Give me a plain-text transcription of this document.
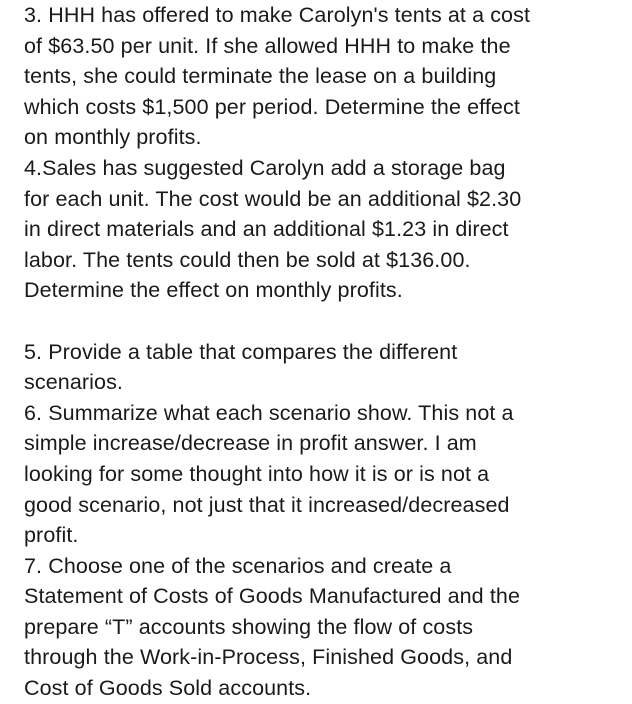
3. HHH has offered to make Carolyn's tents at a cost
of $63.50 per unit. If she allowed HHH to make the
tents, she could terminate the lease on a building
which costs $1,500 per period. Determine the effect
on monthly profits.
4.Sales has suggested Carolyn add a storage bag
for each unit. The cost would be an additional $2.30
in direct materials and an additional $1.23 in direct
labor. The tents could then be sold at $136.00.
Determine the effect on monthly profits.
5. Provide a table that compares the different
scenarios.
6. Summarize what each scenario show. This not a
simple increase/decrease in profit answer. I am
looking for some thought into how it is or is not a
good scenario, not just that it increased/decreased
profit.
7. Choose one of the scenarios and create a
Statement of Costs of Goods Manufactured and the
prepare “T” accounts showing the flow of costs
through the Work-in-Process, Finished Goods, and
Cost of Goods Sold accounts.
